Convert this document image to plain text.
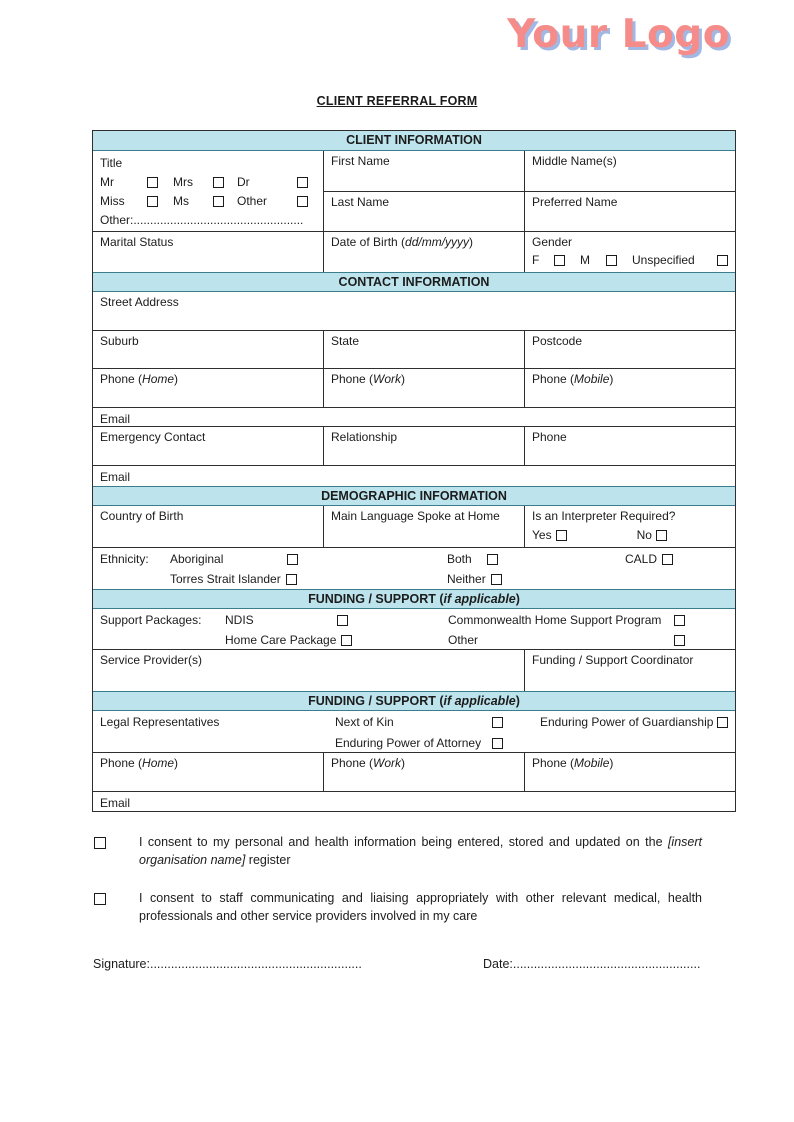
Your Logo
CLIENT REFERRAL FORM
CLIENT INFORMATION
Title
Mr	Mrs	Dr
Miss	Ms	Other
Other:...................................................
First Name	Middle Name(s)
Last Name	Preferred Name
Marital Status	Date of Birth (dd/mm/yyyy)	Gender
F	M	Unspecified
CONTACT INFORMATION
Street Address
Suburb	State	Postcode
Phone (Home)	Phone (Work)	Phone (Mobile)
Email
Emergency Contact	Relationship	Phone
Email
DEMOGRAPHIC INFORMATION
Country of Birth	Main Language Spoke at Home	Is an Interpreter Required?
Yes	No
Ethnicity:	Aboriginal	Both	CALD
Torres Strait Islander	Neither
FUNDING / SUPPORT (if applicable)
Support Packages:	NDIS	Commonwealth Home Support Program
Home Care Package	Other
Service Provider(s)	Funding / Support Coordinator
FUNDING / SUPPORT (if applicable)
Legal Representatives	Next of Kin	Enduring Power of Guardianship
Enduring Power of Attorney
Phone (Home)	Phone (Work)	Phone (Mobile)
Email
I consent to my personal and health information being entered, stored and updated on the [insert organisation name] register
I consent to staff communicating and liaising appropriately with other relevant medical, health professionals and other service providers involved in my care
Signature:.............................................................	Date:......................................................
